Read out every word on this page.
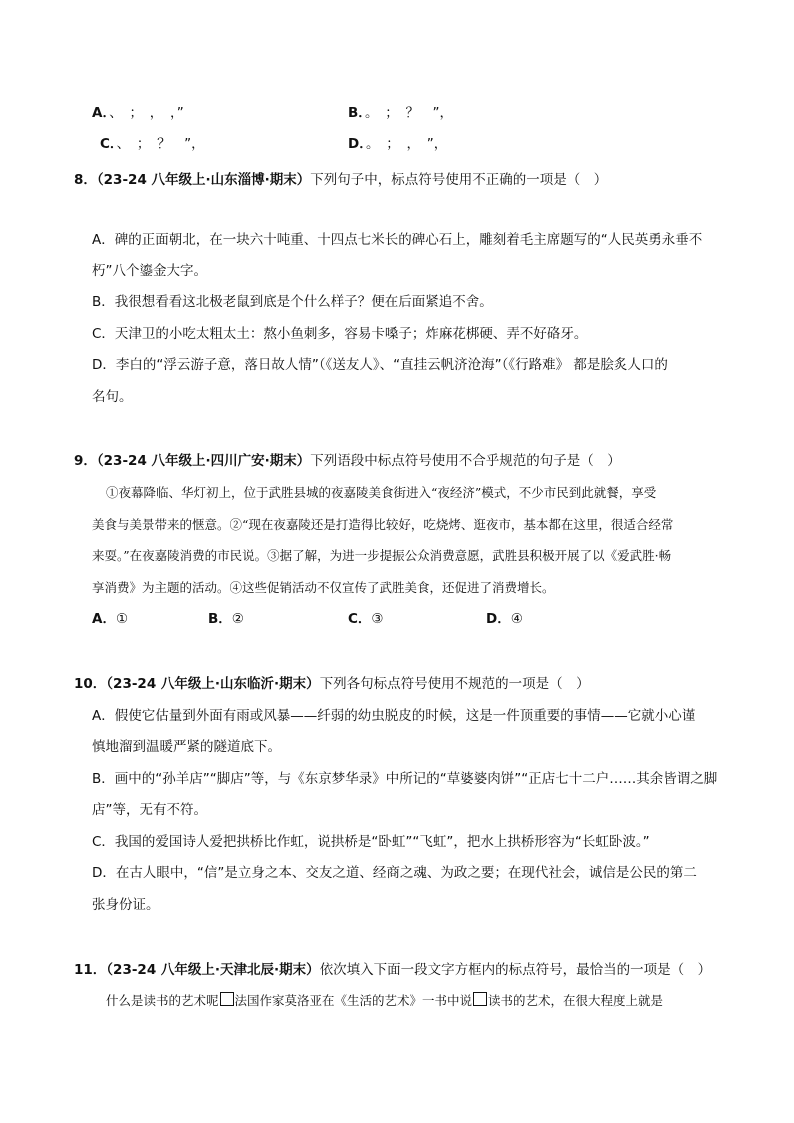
A．、　；　，　，”	B．。　；　？　”，
C．、　；　？　”，	D．。　；　，　”，
8．（23-24 八年级上·山东淄博·期末）下列句子中，标点符号使用不正确的一项是（　）
A．碑的正面朝北，在一块六十吨重、十四点七米长的碑心石上，雕刻着毛主席题写的“人民英勇永垂不
朽”八个鎏金大字。
B．我很想看看这北极老鼠到底是个什么样子？便在后面紧追不舍。
C．天津卫的小吃太粗太土：熬小鱼刺多，容易卡嗓子；炸麻花梆硬、弄不好硌牙。
D．李白的“浮云游子意，落日故人情”（《送友人》、“直挂云帆济沧海”（《行路难》 都是脍炙人口的
名句。
9．（23-24 八年级上·四川广安·期末）下列语段中标点符号使用不合乎规范的句子是（　）
①夜幕降临、华灯初上，位于武胜县城的夜嘉陵美食街进入“夜经济”模式，不少市民到此就餐，享受
美食与美景带来的惬意。②“现在夜嘉陵还是打造得比较好，吃烧烤、逛夜市，基本都在这里，很适合经常
来耍。”在夜嘉陵消费的市民说。③据了解，为进一步提振公众消费意愿，武胜县积极开展了以《爱武胜·畅
享消费》为主题的活动。④这些促销活动不仅宣传了武胜美食，还促进了消费增长。
A．①	B．②	C．③	D．④
10．（23-24 八年级上·山东临沂·期末）下列各句标点符号使用不规范的一项是（　）
A．假使它估量到外面有雨或风暴——纤弱的幼虫脱皮的时候，这是一件顶重要的事情——它就小心谨
慎地溜到温暖严紧的隧道底下。
B．画中的“孙羊店”“脚店”等，与《东京梦华录》中所记的“草婆婆肉饼”“正店七十二户……其余皆谓之脚
店”等，无有不符。
C．我国的爱国诗人爱把拱桥比作虹，说拱桥是“卧虹”“飞虹”，把水上拱桥形容为“长虹卧波。”
D．在古人眼中，“信”是立身之本、交友之道、经商之魂、为政之要；在现代社会，诚信是公民的第二
张身份证。
11．（23-24 八年级上·天津北辰·期末）依次填入下面一段文字方框内的标点符号，最恰当的一项是（　）
什么是读书的艺术呢 法国作家莫洛亚在《生活的艺术》一书中说 读书的艺术，在很大程度上就是
